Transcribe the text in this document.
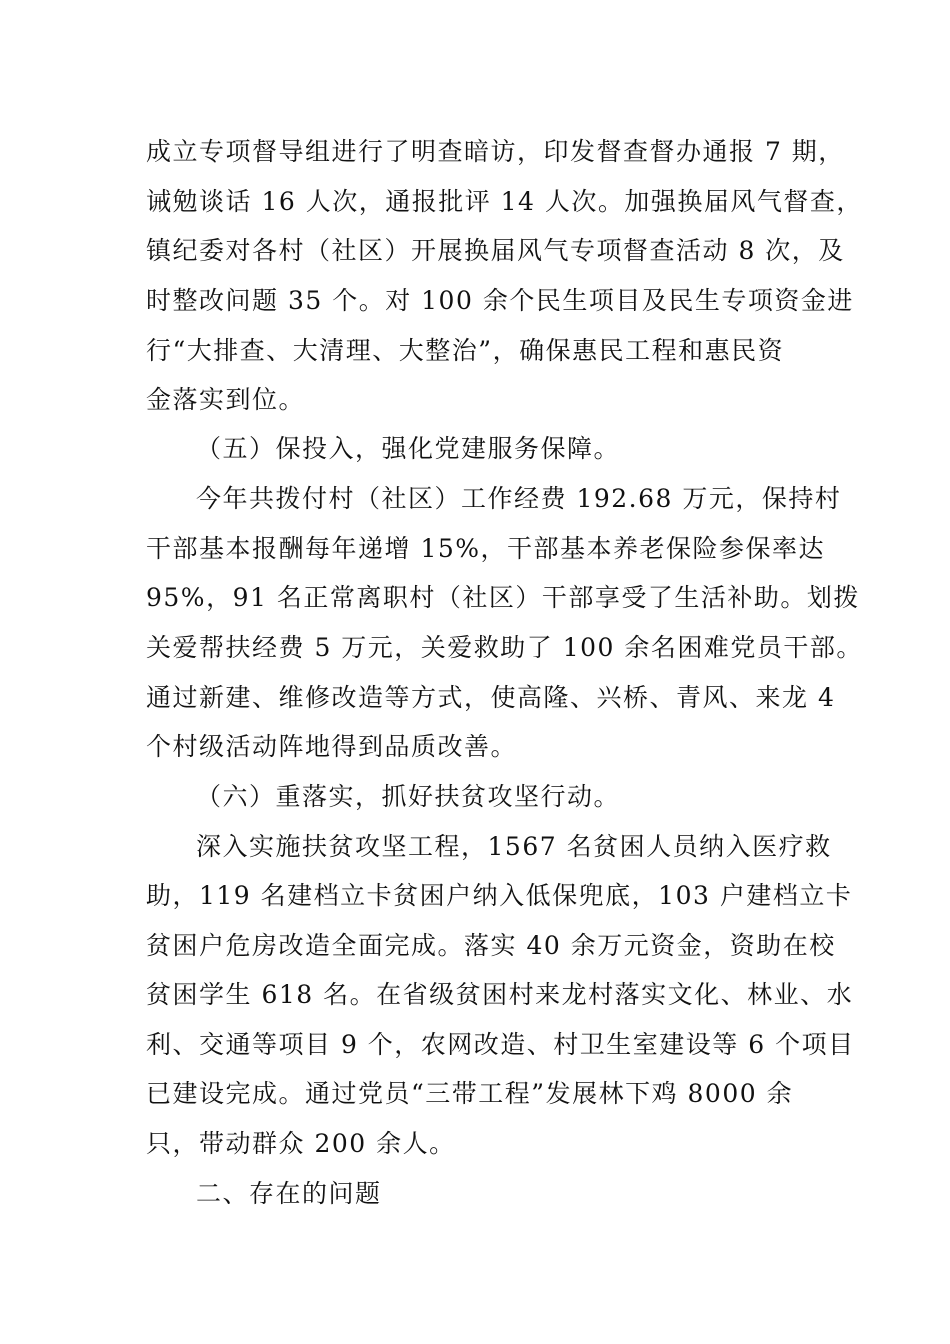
成立专项督导组进行了明查暗访，印发督查督办通报 7 期，
诫勉谈话 16 人次，通报批评 14 人次。加强换届风气督查，
镇纪委对各村（社区）开展换届风气专项督查活动 8 次，及
时整改问题 35 个。对 100 余个民生项目及民生专项资金进
行“大排查、大清理、大整治”，确保惠民工程和惠民资
金落实到位。
（五）保投入，强化党建服务保障。
今年共拨付村（社区）工作经费 192.68 万元，保持村
干部基本报酬每年递增 15%，干部基本养老保险参保率达
95%，91 名正常离职村（社区）干部享受了生活补助。划拨
关爱帮扶经费 5 万元，关爱救助了 100 余名困难党员干部。
通过新建、维修改造等方式，使高隆、兴桥、青风、来龙 4
个村级活动阵地得到品质改善。
（六）重落实，抓好扶贫攻坚行动。
深入实施扶贫攻坚工程，1567 名贫困人员纳入医疗救
助，119 名建档立卡贫困户纳入低保兜底，103 户建档立卡
贫困户危房改造全面完成。落实 40 余万元资金，资助在校
贫困学生 618 名。在省级贫困村来龙村落实文化、林业、水
利、交通等项目 9 个，农网改造、村卫生室建设等 6 个项目
已建设完成。通过党员“三带工程”发展林下鸡 8000 余
只，带动群众 200 余人。
二、存在的问题
